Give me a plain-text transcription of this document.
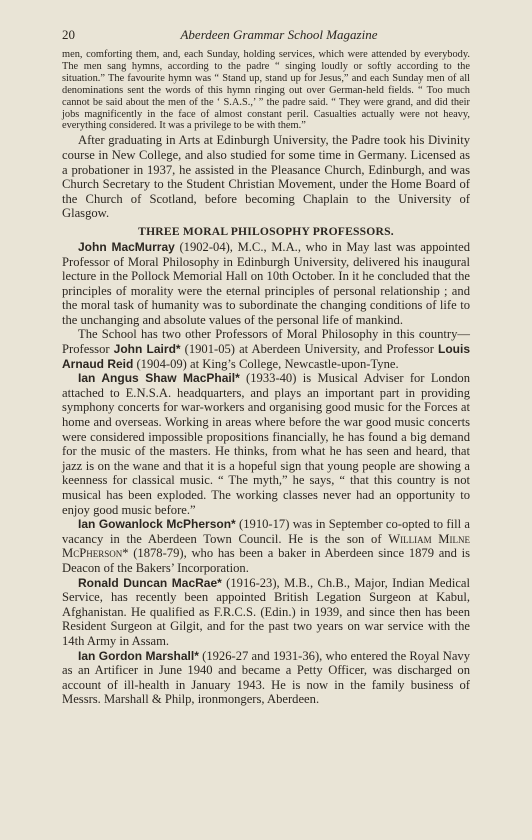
20	Aberdeen Grammar School Magazine

men, comforting them, and, each Sunday, holding services, which were attended by everybody. The men sang hymns, according to the padre “ singing loudly or softly according to the situation.” The favourite hymn was “ Stand up, stand up for Jesus,” and each Sunday men of all denominations sent the words of this hymn ringing out over German-held fields. “ Too much cannot be said about the men of the ‘ S.A.S.,’ ” the padre said. “ They were grand, and did their jobs magnificently in the face of almost constant peril. Casualties actually were not heavy, everything considered. It was a privilege to be with them.”

After graduating in Arts at Edinburgh University, the Padre took his Divinity course in New College, and also studied for some time in Germany. Licensed as a probationer in 1937, he assisted in the Pleasance Church, Edinburgh, and was Church Secretary to the Student Christian Movement, under the Home Board of the Church of Scotland, before becoming Chaplain to the University of Glasgow.

THREE MORAL PHILOSOPHY PROFESSORS.

John MacMurray (1902-04), M.C., M.A., who in May last was appointed Professor of Moral Philosophy in Edinburgh University, delivered his inaugural lecture in the Pollock Memorial Hall on 10th October. In it he concluded that the principles of morality were the eternal principles of personal relationship ; and the moral task of humanity was to subordinate the changing conditions of life to the unchanging and absolute values of the personal life of mankind.

The School has two other Professors of Moral Philosophy in this country—Professor John Laird* (1901-05) at Aberdeen University, and Professor Louis Arnaud Reid (1904-09) at King’s College, Newcastle-upon-Tyne.

Ian Angus Shaw MacPhail* (1933-40) is Musical Adviser for London attached to E.N.S.A. headquarters, and plays an important part in providing symphony concerts for war-workers and organising good music for the Forces at home and overseas. Working in areas where before the war good music concerts were considered impossible propositions financially, he has found a big demand for the music of the masters. He thinks, from what he has seen and heard, that jazz is on the wane and that it is a hopeful sign that young people are showing a keenness for classical music. “ The myth,” he says, “ that this country is not musical has been exploded. The working classes never had an opportunity to enjoy good music before.”

Ian Gowanlock McPherson* (1910-17) was in September co-opted to fill a vacancy in the Aberdeen Town Council. He is the son of William Milne McPherson* (1878-79), who has been a baker in Aberdeen since 1879 and is Deacon of the Bakers’ Incorporation.

Ronald Duncan MacRae* (1916-23), M.B., Ch.B., Major, Indian Medical Service, has recently been appointed British Legation Surgeon at Kabul, Afghanistan. He qualified as F.R.C.S. (Edin.) in 1939, and since then has been Resident Surgeon at Gilgit, and for the past two years on war service with the 14th Army in Assam.

Ian Gordon Marshall* (1926-27 and 1931-36), who entered the Royal Navy as an Artificer in June 1940 and became a Petty Officer, was discharged on account of ill-health in January 1943. He is now in the family business of Messrs. Marshall & Philp, ironmongers, Aberdeen.
